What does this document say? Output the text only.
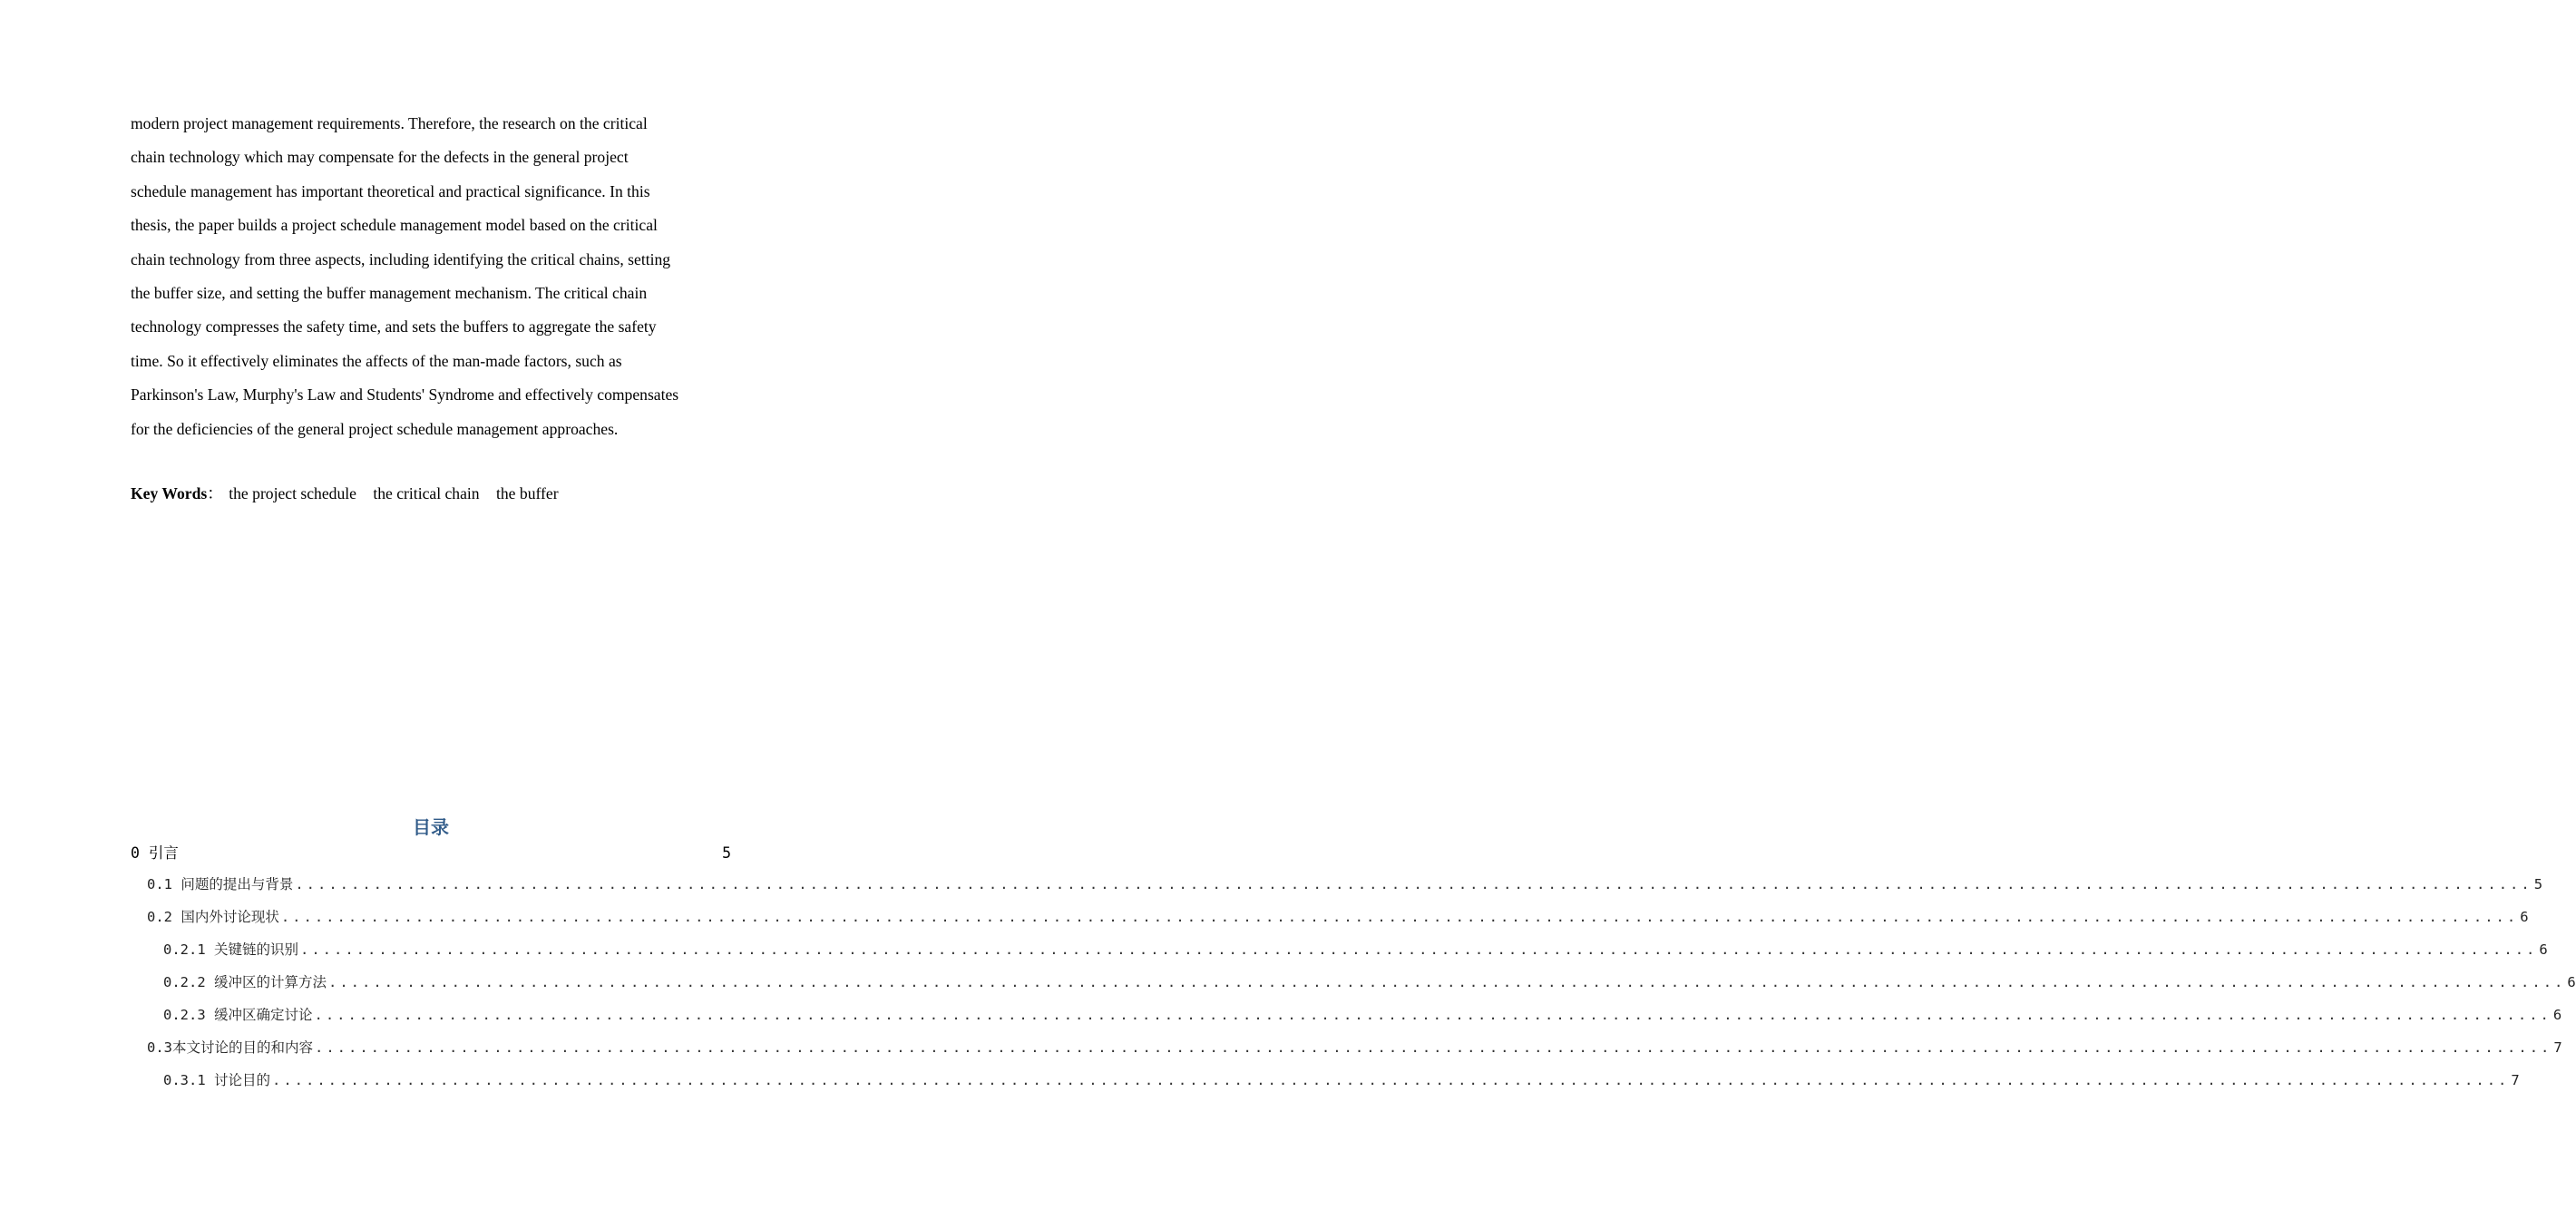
modern project management requirements. Therefore, the research on the critical
chain technology which may compensate for the defects in the general project
schedule management has important theoretical and practical significance. In this
thesis, the paper builds a project schedule management model based on the critical
chain technology from three aspects, including identifying the critical chains, setting
the buffer size, and setting the buffer management mechanism. The critical chain
technology compresses the safety time, and sets the buffers to aggregate the safety
time. So it effectively eliminates the affects of the man-made factors, such as
Parkinson's Law, Murphy's Law and Students' Syndrome and effectively compensates
for the deficiencies of the general project schedule management approaches.
Key Words： the project schedule the critical chain the buffer
目录
0 引言	5
0.1 问题的提出与背景 ........................................................................................................................................................................................................ 5
0.2 国内外讨论现状 ........................................................................................................................................................................................................ 6
0.2.1 关键链的识别 ........................................................................................................................................................................................................ 6
0.2.2 缓冲区的计算方法 ........................................................................................................................................................................................................ 6
0.2.3 缓冲区确定讨论 ........................................................................................................................................................................................................ 6
0.3本文讨论的目的和内容 ........................................................................................................................................................................................................ 7
0.3.1 讨论目的 ........................................................................................................................................................................................................ 7
